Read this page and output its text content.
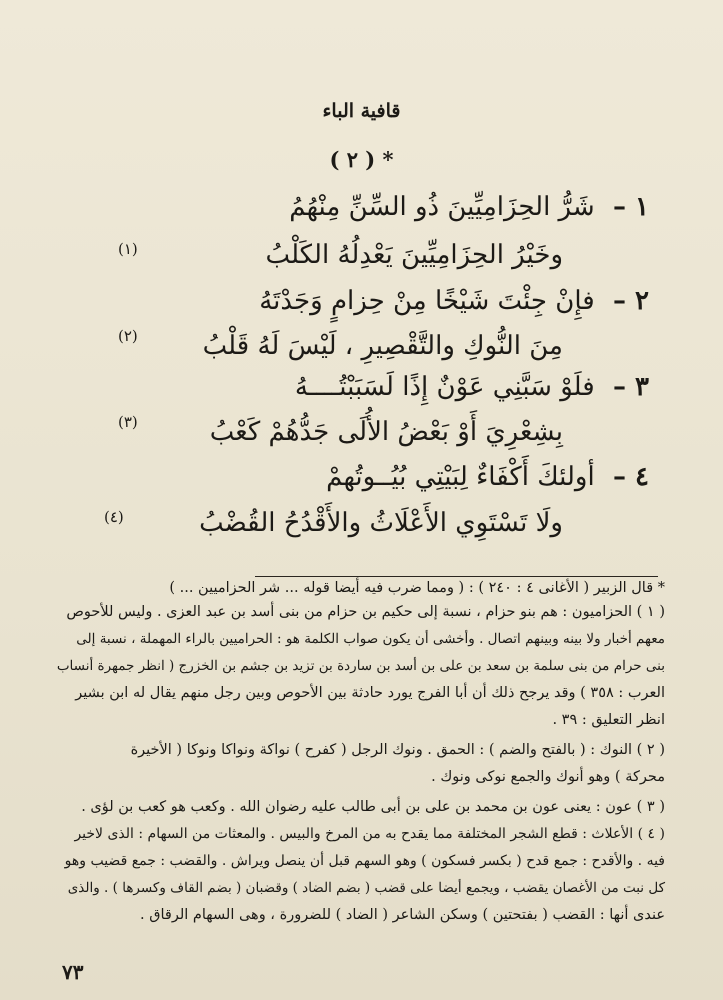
قافية الباء
* ( ٢ )
١ – شَرُّ الحِزَامِيِّينَ ذُو السِّنِّ مِنْهُمُ
وخَيْرُ الحِزَامِيِّينَ يَعْدِلُهُ الكَلْبُ
(١)
٢ – فإِنْ جِئْتَ شَيْخًا مِنْ حِزامٍ وَجَدْتَهُ
مِنَ النُّوكِ والتَّقْصِيرِ ، لَيْسَ لَهُ قَلْبُ
(٢)
٣ – فلَوْ سَبَّنِي عَوْنٌ إِذًا لَسَبَبْتُــــهُ
بِشِعْرِيَ أَوْ بَعْضُ الأُلَى جَدُّهُمْ كَعْبُ
(٣)
٤ – أولئكَ أَكْفَاءٌ لِبَيْتِي بُيُــوتُهمْ
ولَا تَسْتَوِي الأَعْلَاثُ والأَقْدُحُ القُضْبُ
(٤)
* قال الزبير ( الأغانى ٤ : ٢٤٠ ) : ( ومما ضرب فيه أيضا قوله ... شر الحزاميين ... )
( ١ ) الحزاميون : هم بنو حزام ، نسبة إلى حكيم بن حزام من بنى أسد بن عبد العزى . وليس للأحوص
معهم أخبار ولا بينه وبينهم اتصال . وأخشى أن يكون صواب الكلمة هو : الحراميين بالراء المهملة ، نسبة إلى
بنى حرام من بنى سلمة بن سعد بن على بن أسد بن ساردة بن تزيد بن جشم بن الخزرج ( انظر جمهرة أنساب
العرب : ٣٥٨ ) وقد يرجح ذلك أن أبا الفرج يورد حادثة بين الأحوص وبين رجل منهم يقال له ابن بشير
انظر التعليق : ٣٩ .
( ٢ ) النوك : ( بالفتح والضم ) : الحمق . ونوك الرجل ( كفرح ) نواكة ونواكا ونوكا ( الأخيرة
محركة ) وهو أنوك والجمع نوكى ونوك .
( ٣ ) عون : يعنى عون بن محمد بن على بن أبى طالب عليه رضوان الله . وكعب هو كعب بن لؤى .
( ٤ ) الأعلاث : قطع الشجر المختلفة مما يقدح به من المرخ والبيس . والمعثات من السهام : الذى لاخير
فيه . والأقدح : جمع قدح ( بكسر فسكون ) وهو السهم قبل أن ينصل ويراش . والقضب : جمع قضيب وهو
كل نبت من الأغصان يقضب ، ويجمع أيضا على قضب ( بضم الضاد ) وقضبان ( بضم القاف وكسرها ) . والذى
عندى أنها : القضب ( بفتحتين ) وسكن الشاعر ( الضاد ) للضرورة ، وهى السهام الرقاق .
٧٣
